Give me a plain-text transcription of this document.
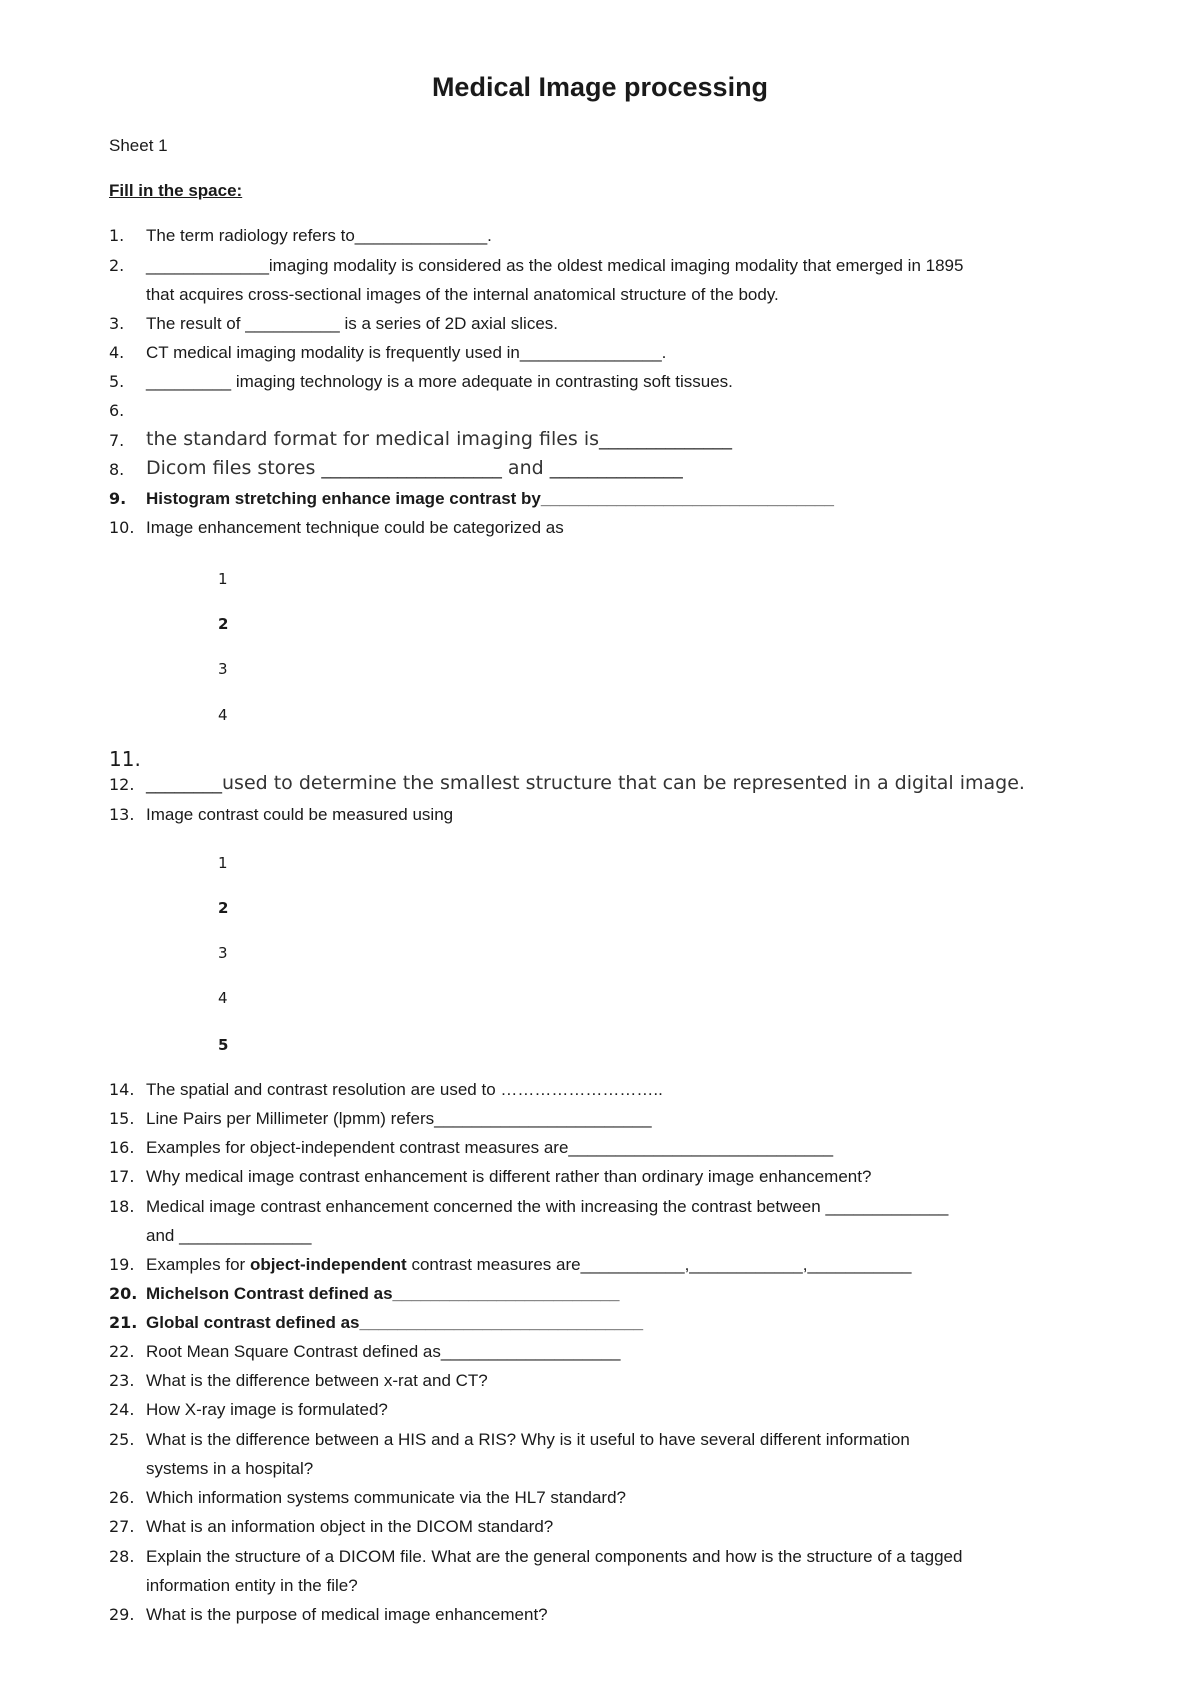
Medical Image processing
Sheet 1
Fill in the space:
1.	The term radiology refers to______________.
2.	_____________imaging modality is considered as the oldest medical imaging modality that emerged in 1895
that acquires cross-sectional images of the internal anatomical structure of the body.
3.	The result of __________ is a series of 2D axial slices.
4.	CT medical imaging modality is frequently used in_______________.
5.	_________ imaging technology is a more adequate in contrasting soft tissues.
6.
7.	the standard format for medical imaging files is______________
8.	Dicom files stores ___________________ and ______________
9.	Histogram stretching enhance image contrast by_______________________________
10. Image enhancement technique could be categorized as
1
2
3
4
11.
12. ________used to determine the smallest structure that can be represented in a digital image.
13. Image contrast could be measured using
1
2
3
4
5
14. The spatial and contrast resolution are used to ………………………..
15. Line Pairs per Millimeter (lpmm) refers_______________________
16. Examples for object-independent contrast measures are____________________________
17. Why medical image contrast enhancement is different rather than ordinary image enhancement?
18. Medical image contrast enhancement concerned the with increasing the contrast between _____________
and ______________
19. Examples for object-independent contrast measures are___________,____________,___________
20. Michelson Contrast defined as________________________
21. Global contrast defined as______________________________
22. Root Mean Square Contrast defined as___________________
23. What is the difference between x-rat and CT?
24. How X-ray image is formulated?
25. What is the difference between a HIS and a RIS? Why is it useful to have several different information
systems in a hospital?
26. Which information systems communicate via the HL7 standard?
27. What is an information object in the DICOM standard?
28. Explain the structure of a DICOM file. What are the general components and how is the structure of a tagged
information entity in the file?
29. What is the purpose of medical image enhancement?
